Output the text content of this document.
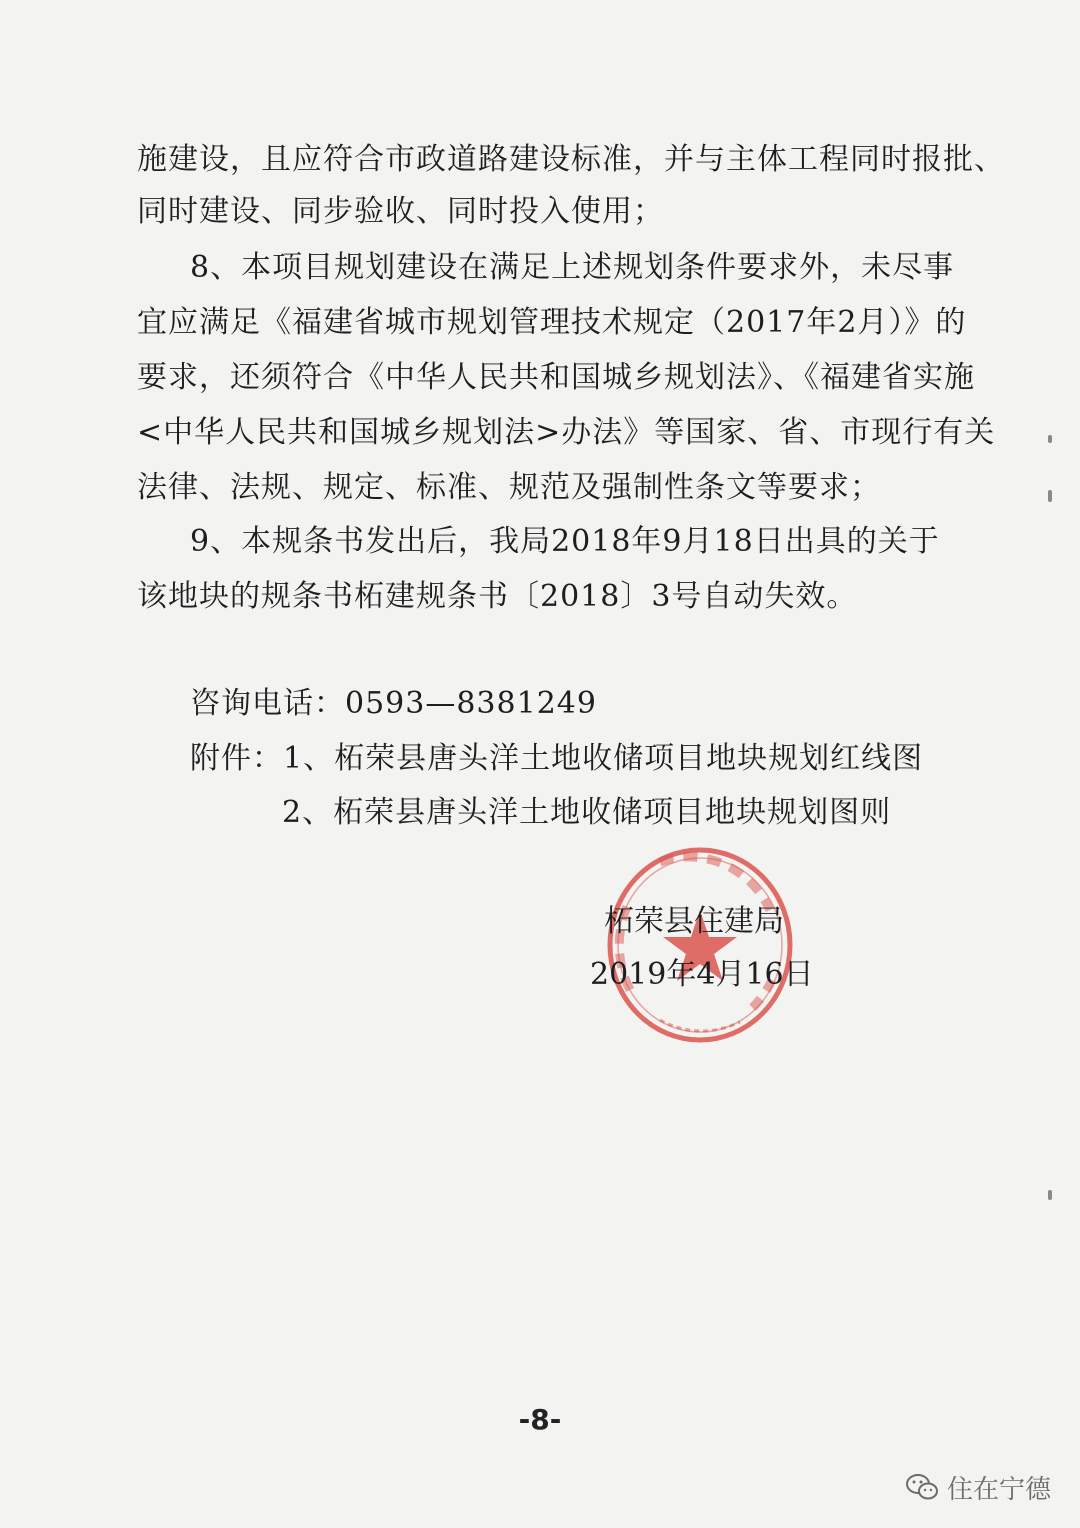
施建设，且应符合市政道路建设标准，并与主体工程同时报批、
同时建设、同步验收、同时投入使用；
8、本项目规划建设在满足上述规划条件要求外，未尽事
宜应满足《福建省城市规划管理技术规定（2017年2月）》的
要求，还须符合《中华人民共和国城乡规划法》、《福建省实施
<中华人民共和国城乡规划法>办法》等国家、省、市现行有关
法律、法规、规定、标准、规范及强制性条文等要求；
9、本规条书发出后，我局2018年9月18日出具的关于
该地块的规条书柘建规条书〔2018〕3号自动失效。
咨询电话：0593—8381249
附件：1、柘荣县唐头洋土地收储项目地块规划红线图
2、柘荣县唐头洋土地收储项目地块规划图则
柘荣县住建局
2019年4月16日
-8-
住在宁德
